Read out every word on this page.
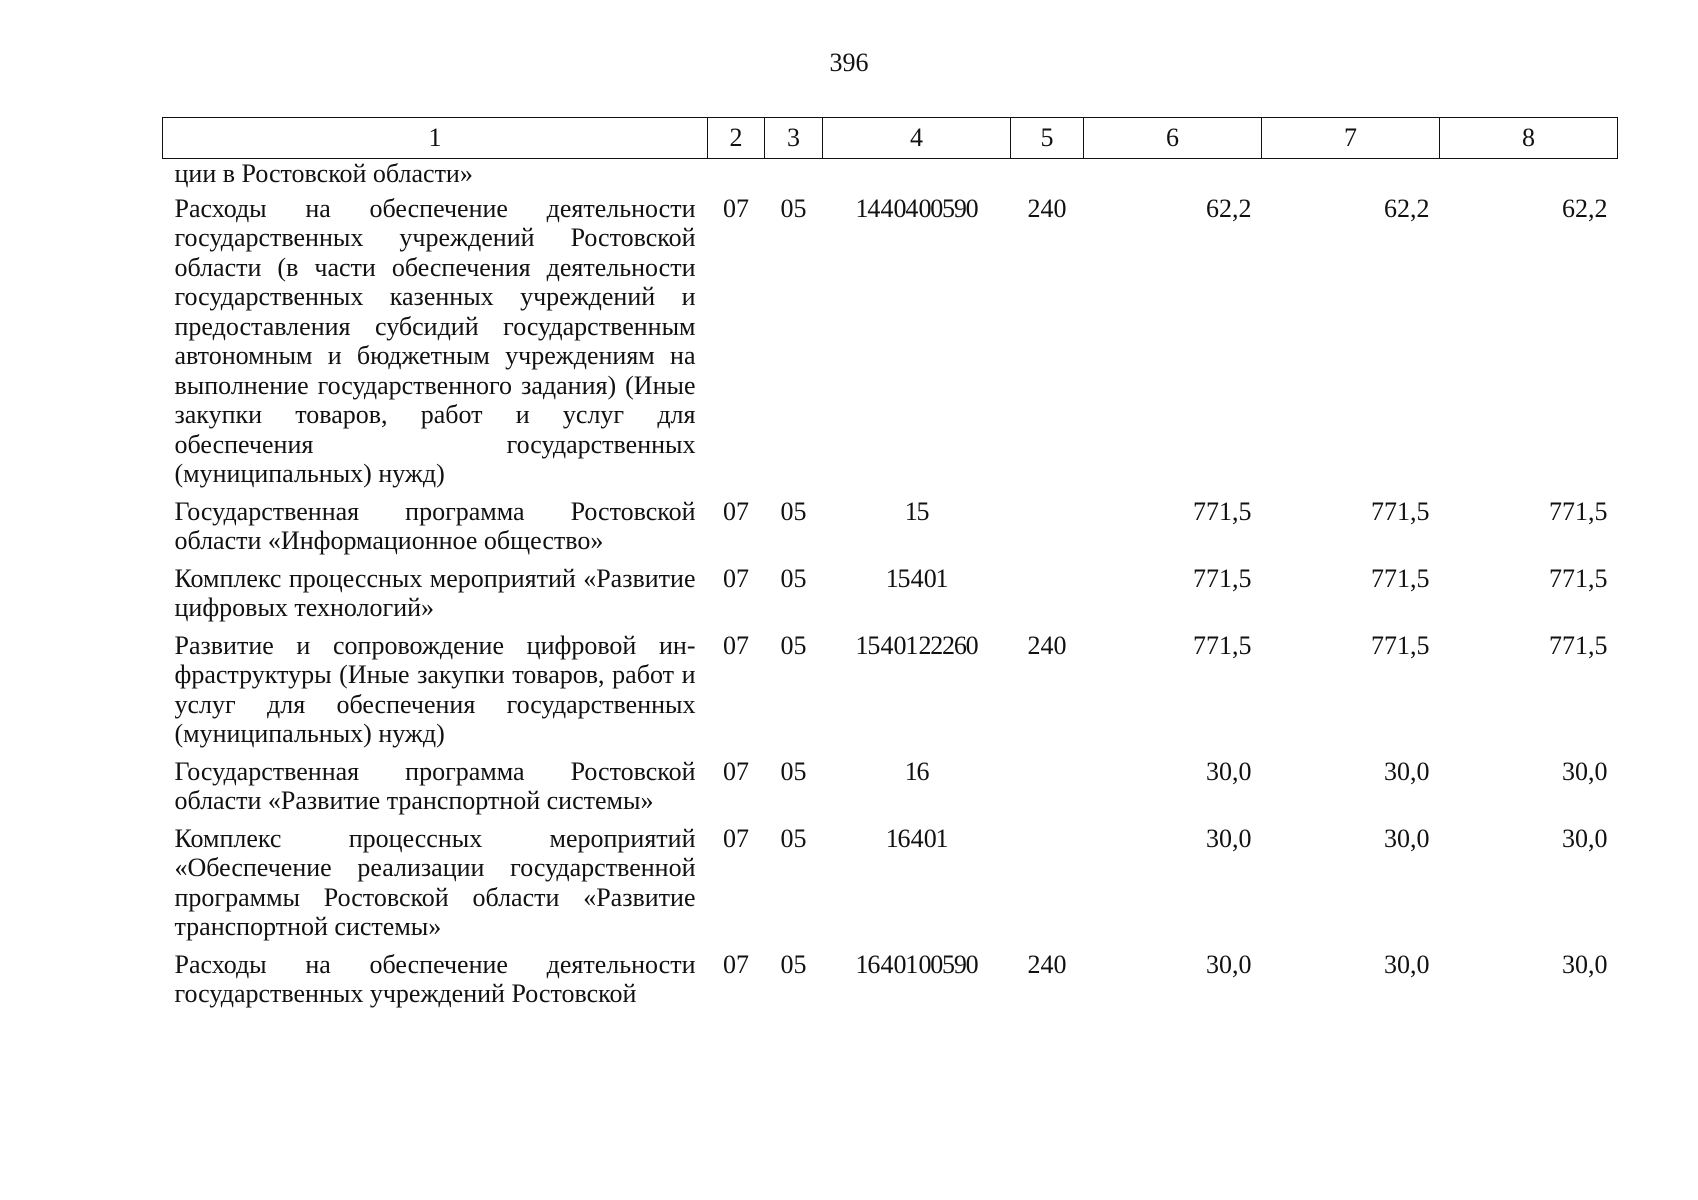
396
1	2	3	4	5	6	7	8
ции в Ростовской области»							
Расходы на обеспечение деятельности государственных учреждений Ростовской области (в части обеспечения деятельности государственных казенных учреждений и предоставления субсидий государственным автономным и бюджетным учреждениям на выполнение государственного задания) (Иные закупки товаров, работ и услуг для обеспечения государственных (муниципальных) нужд)	07	05	14 4 04 00590	240	62,2	62,2	62,2
Государственная программа Ростовской области «Информационное общество»	07	05	15		771,5	771,5	771,5
Комплекс процессных мероприятий «Развитие цифровых технологий»	07	05	15 4 01		771,5	771,5	771,5
Развитие и сопровождение цифровой инфраструктуры (Иные закупки товаров, работ и услуг для обеспечения государственных (муниципальных) нужд)	07	05	15 4 01 22260	240	771,5	771,5	771,5
Государственная программа Ростовской области «Развитие транспортной системы»	07	05	16		30,0	30,0	30,0
Комплекс процессных мероприятий «Обеспечение реализации государственной программы Ростовской области «Развитие транспортной системы»	07	05	16 4 01		30,0	30,0	30,0
Расходы на обеспечение деятельности государственных учреждений Ростовской	07	05	16 4 01 00590	240	30,0	30,0	30,0
